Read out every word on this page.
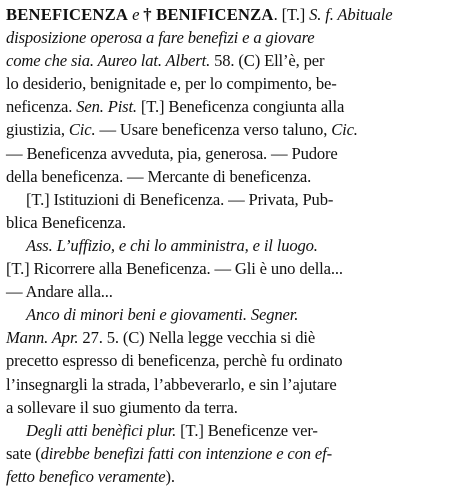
BENEFICENZA e † BENIFICENZA. [T.] S. f. Abituale
disposizione operosa a fare benefizi e a giovare
come che sia. Aureo lat. Albert. 58. (C) Ell’è, per
lo desiderio, benignitade e, per lo compimento, be-
neficenza. Sen. Pist. [T.] Beneficenza congiunta alla
giustizia, Cic. — Usare beneficenza verso taluno, Cic.
— Beneficenza avveduta, pia, generosa. — Pudore
della beneficenza. — Mercante di beneficenza.
[T.] Istituzioni di Beneficenza. — Privata, Pub-
blica Beneficenza.
Ass. L’uffizio, e chi lo amministra, e il luogo.
[T.] Ricorrere alla Beneficenza. — Gli è uno della...
— Andare alla...
Anco di minori beni e giovamenti. Segner.
Mann. Apr. 27. 5. (C) Nella legge vecchia si diè
precetto espresso di beneficenza, perchè fu ordinato
l’insegnargli la strada, l’abbeverarlo, e sin l’ajutare
a sollevare il suo giumento da terra.
Degli atti benèfici plur. [T.] Beneficenze ver-
sate (direbbe benefizi fatti con intenzione e con ef-
fetto benefico veramente).
